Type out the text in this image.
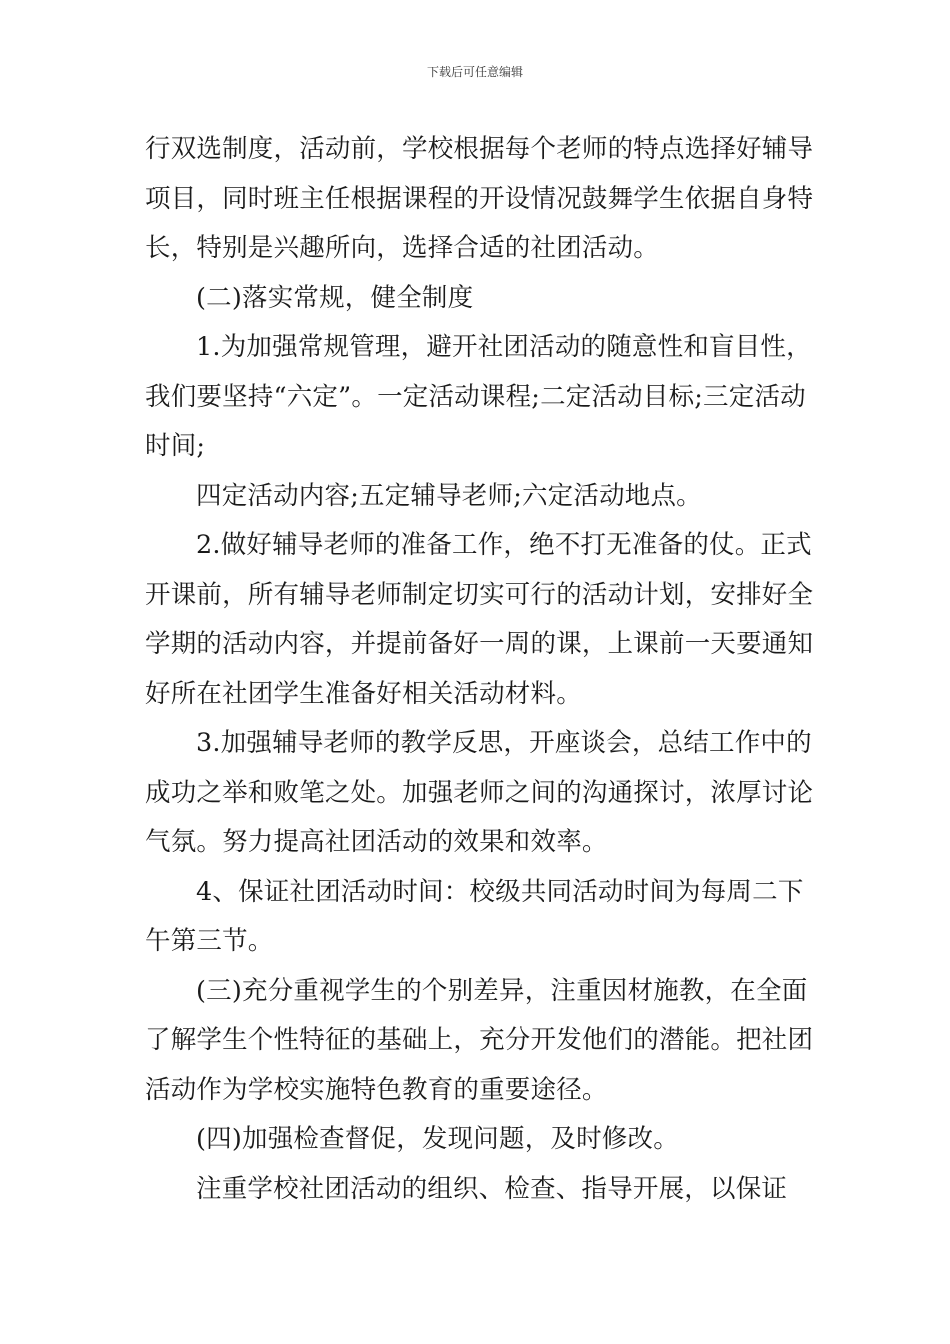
下载后可任意编辑

行双选制度，活动前，学校根据每个老师的特点选择好辅导项目，同时班主任根据课程的开设情况鼓舞学生依据自身特长，特别是兴趣所向，选择合适的社团活动。

(二)落实常规，健全制度

1.为加强常规管理，避开社团活动的随意性和盲目性，我们要坚持“六定”。一定活动课程;二定活动目标;三定活动时间;

四定活动内容;五定辅导老师;六定活动地点。

2.做好辅导老师的准备工作，绝不打无准备的仗。正式开课前，所有辅导老师制定切实可行的活动计划，安排好全学期的活动内容，并提前备好一周的课，上课前一天要通知好所在社团学生准备好相关活动材料。

3.加强辅导老师的教学反思，开座谈会，总结工作中的成功之举和败笔之处。加强老师之间的沟通探讨，浓厚讨论气氛。努力提高社团活动的效果和效率。

4、保证社团活动时间：校级共同活动时间为每周二下午第三节。

(三)充分重视学生的个别差异，注重因材施教，在全面了解学生个性特征的基础上，充分开发他们的潜能。把社团活动作为学校实施特色教育的重要途径。

(四)加强检查督促，发现问题，及时修改。

注重学校社团活动的组织、检查、指导开展，以保证
